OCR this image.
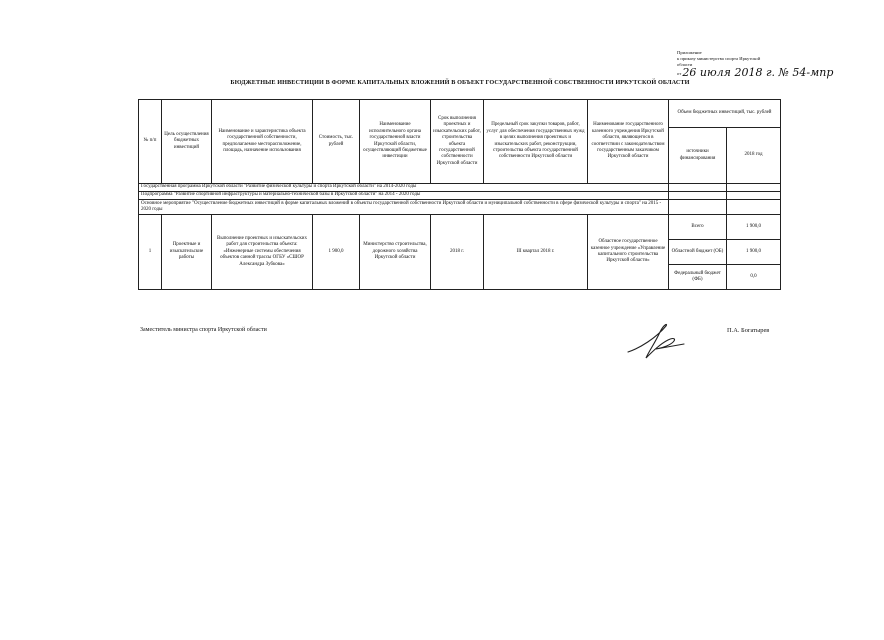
Приложение
к приказу министерства спорта Иркутской
области
от 26 июля 2018 г. № 54-мпр
БЮДЖЕТНЫЕ ИНВЕСТИЦИИ В ФОРМЕ КАПИТАЛЬНЫХ ВЛОЖЕНИЙ В ОБЪЕКТ ГОСУДАРСТВЕННОЙ СОБСТВЕННОСТИ ИРКУТСКОЙ ОБЛАСТИ
№ п/п	Цель осуществления бюджетных инвестиций	Наименование и характеристика объекта государственной собственности, предполагаемое месторасположение, площадь, назначение использования	Стоимость, тыс. рублей	Наименование исполнительного органа государственной власти Иркутской области, осуществляющий бюджетные инвестиции	Срок выполнения проектных и изыскательских работ, строительства объекта государственной собственности Иркутской области	Предельный срок закупки товаров, работ, услуг для обеспечения государственных нужд в целях выполнения проектных и изыскательских работ, реконструкции, строительства объекта государственной собственности Иркутской области	Наименование государственного казенного учреждения Иркутской области, являющегося в соответствии с законодательством государственным заказчиком Иркутской области	Объем бюджетных инвестиций, тыс. рублей	
								источники финансирования	2018 год
Государственная программа Иркутской области "Развитие физической культуры и спорта Иркутской области" на 2014-2020 годы									
Подпрограмма "Развитие спортивной инфраструктуры и материально-технической базы в Иркутской области" на 2014 - 2020 годы									
Основное мероприятие "Осуществление бюджетных инвестиций в форме капитальных вложений в объекты государственной собственности Иркутской области и муниципальной собственности в сфере физической культуры и спорта" на 2015 - 2020 годы									
1	Проектные и изыскательские работы	Выполнение проектных и изыскательских работ для строительства объекта: «Инженерные системы обеспечения объектов санной трассы ОГБУ «СШОР Александра Зубкова»	1 900,0	Министерство строительства, дорожного хозяйства Иркутской области	2018 г.	III квартал 2018 г.	Областное государственное казенное учреждение «Управление капитального строительства Иркутской области»	Всего	1 900,0
								Областной бюджет (ОБ)	1 900,0
								Федеральный бюджет (ФБ)	0,0
Заместитель министра спорта Иркутской области	П.А. Богатырев
